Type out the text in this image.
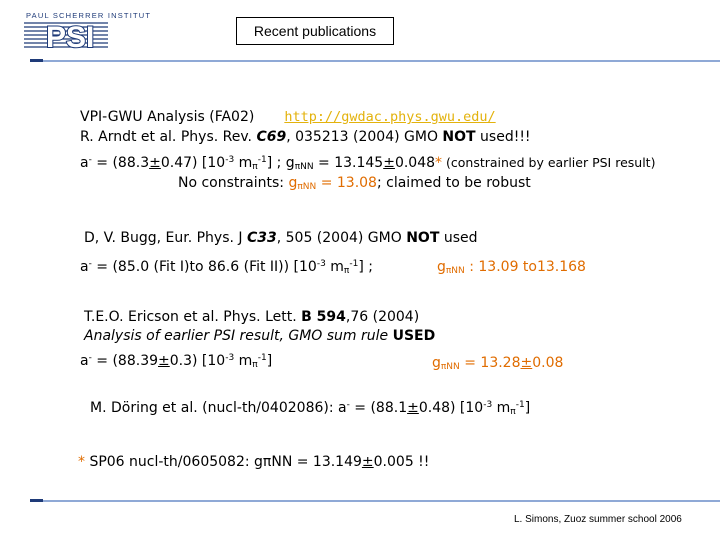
PAUL SCHERRER INSTITUT
PSI	Recent publications
VPI-GWU Analysis (FA02) http://gwdac.phys.gwu.edu/
R. Arndt et al. Phys. Rev. C69, 035213 (2004) GMO NOT used!!!
a- = (88.3±0.47) [$10^{-3}$ $m_\pi^{-1}$] ; $g_{\pi NN} = 13.145\pm 0.048*$ (constrained by earlier PSI result)
No constraints: $g_{\pi NN} = 13.08$; claimed to be robust
D, V. Bugg, Eur. Phys. J C33, 505 (2004) GMO NOT used
a- = (85.0 (Fit I)to 86.6 (Fit II)) [$10^{-3}$ $m_\pi^{-1}$] ;	$g_{\pi NN}$ : 13.09 to13.168
T.E.O. Ericson et al. Phys. Lett. B 594,76 (2004)
Analysis of earlier PSI result, GMO sum rule USED
a- = (88.39±0.3) [$10^{-3}$ $m_\pi^{-1}$]	$g_{\pi NN} = 13.28\pm 0.08$
M. Döring et al. (nucl-th/0402086): a- = (88.1±0.48) [$10^{-3}$ $m_\pi^{-1}$]
* SP06 nucl-th/0605082: gπNN = 13.149±0.005 !!
L. Simons, Zuoz summer school 2006
